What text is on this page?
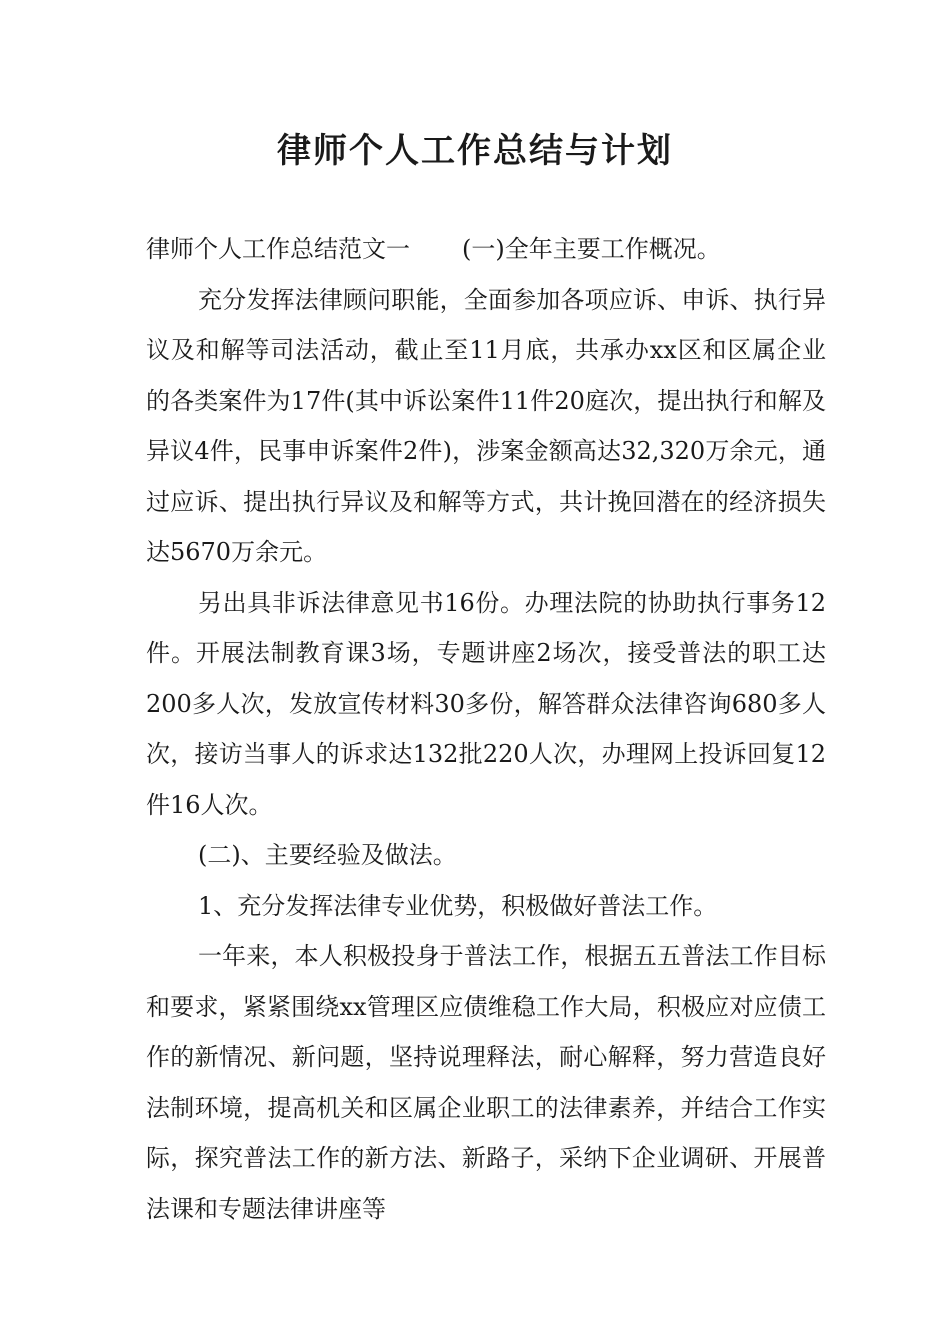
律师个人工作总结与计划

律师个人工作总结范文一 (一)全年主要工作概况。

充分发挥法律顾问职能，全面参加各项应诉、申诉、执行异议及和解等司法活动，截止至11月底，共承办xx区和区属企业的各类案件为17件(其中诉讼案件11件20庭次，提出执行和解及异议4件，民事申诉案件2件)，涉案金额高达32,320万余元，通过应诉、提出执行异议及和解等方式，共计挽回潜在的经济损失达5670万余元。

另出具非诉法律意见书16份。办理法院的协助执行事务12件。开展法制教育课3场，专题讲座2场次，接受普法的职工达200多人次，发放宣传材料30多份，解答群众法律咨询680多人次，接访当事人的诉求达132批220人次，办理网上投诉回复12件16人次。

(二)、主要经验及做法。

1、充分发挥法律专业优势，积极做好普法工作。

一年来，本人积极投身于普法工作，根据五五普法工作目标和要求，紧紧围绕xx管理区应债维稳工作大局，积极应对应债工作的新情况、新问题，坚持说理释法，耐心解释，努力营造良好法制环境，提高机关和区属企业职工的法律素养，并结合工作实际，探究普法工作的新方法、新路子，采纳下企业调研、开展普法课和专题法律讲座等
